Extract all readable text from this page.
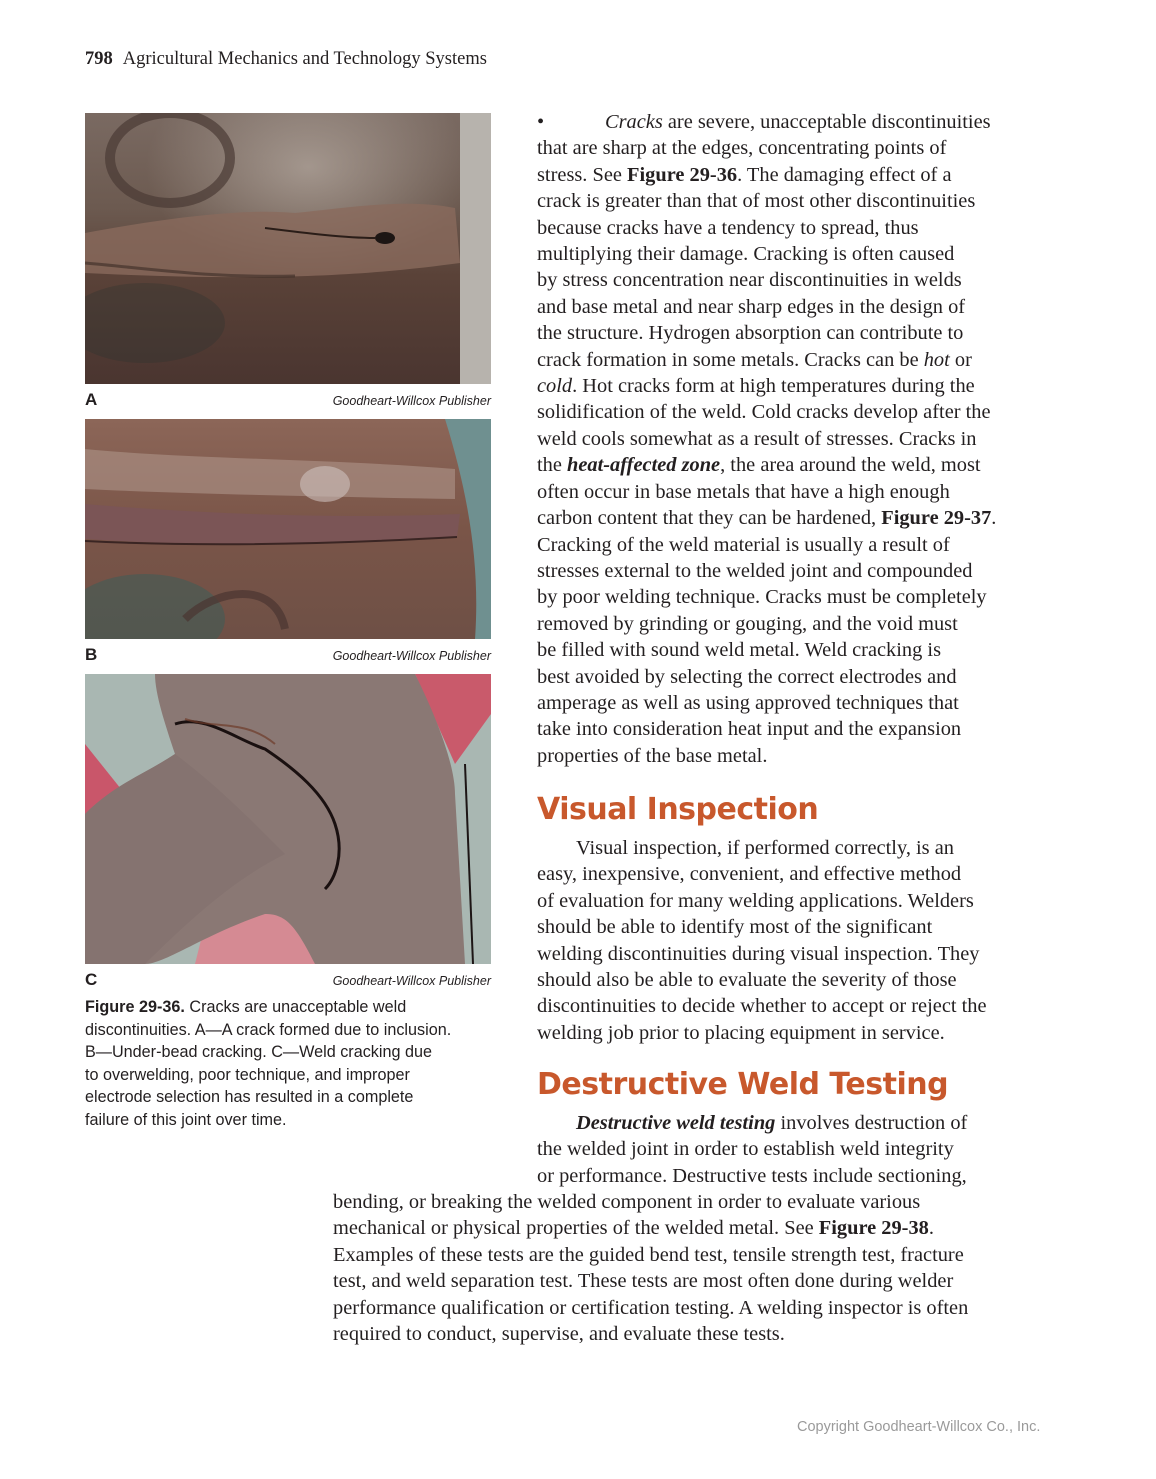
798 Agricultural Mechanics and Technology Systems
A	Goodheart-Willcox Publisher
B	Goodheart-Willcox Publisher
C	Goodheart-Willcox Publisher
Figure 29-36. Cracks are unacceptable weld
discontinuities. A—A crack formed due to inclusion.
B—Under-bead cracking. C—Weld cracking due
to overwelding, poor technique, and improper
electrode selection has resulted in a complete
failure of this joint over time.
•	Cracks are severe, unacceptable discontinuities
that are sharp at the edges, concentrating points of
stress. See Figure 29-36. The damaging effect of a
crack is greater than that of most other discontinuities
because cracks have a tendency to spread, thus
multiplying their damage. Cracking is often caused
by stress concentration near discontinuities in welds
and base metal and near sharp edges in the design of
the structure. Hydrogen absorption can contribute to
crack formation in some metals. Cracks can be hot or
cold. Hot cracks form at high temperatures during the
solidification of the weld. Cold cracks develop after the
weld cools somewhat as a result of stresses. Cracks in
the heat-affected zone, the area around the weld, most
often occur in base metals that have a high enough
carbon content that they can be hardened, Figure 29-37.
Cracking of the weld material is usually a result of
stresses external to the welded joint and compounded
by poor welding technique. Cracks must be completely
removed by grinding or gouging, and the void must
be filled with sound weld metal. Weld cracking is
best avoided by selecting the correct electrodes and
amperage as well as using approved techniques that
take into consideration heat input and the expansion
properties of the base metal.
Visual Inspection
Visual inspection, if performed correctly, is an
easy, inexpensive, convenient, and effective method
of evaluation for many welding applications. Welders
should be able to identify most of the significant
welding discontinuities during visual inspection. They
should also be able to evaluate the severity of those
discontinuities to decide whether to accept or reject the
welding job prior to placing equipment in service.
Destructive Weld Testing
Destructive weld testing involves destruction of
the welded joint in order to establish weld integrity
or performance. Destructive tests include sectioning,
bending, or breaking the welded component in order to evaluate various
mechanical or physical properties of the welded metal. See Figure 29-38.
Examples of these tests are the guided bend test, tensile strength test, fracture
test, and weld separation test. These tests are most often done during welder
performance qualification or certification testing. A welding inspector is often
required to conduct, supervise, and evaluate these tests.
Copyright Goodheart-Willcox Co., Inc.
